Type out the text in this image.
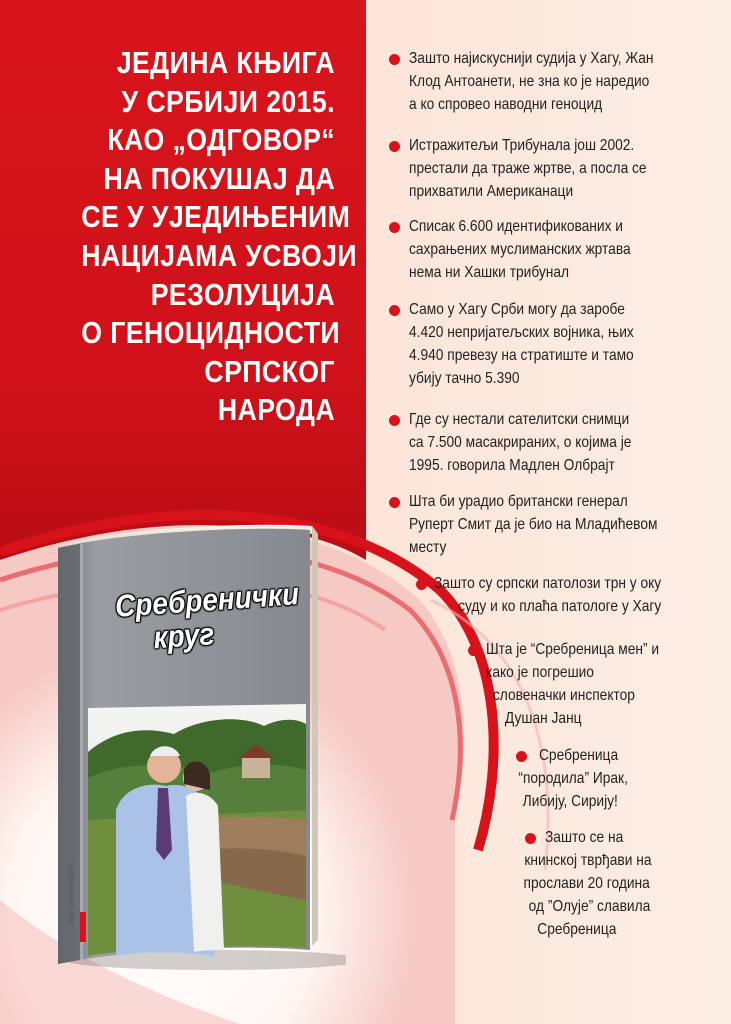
ЈЕДИНА КЊИГА
У СРБИЈИ 2015.
КАО „ОДГОВОР“
НА ПОКУШАЈ ДА
СЕ У УЈЕДИЊЕНИМ
НАЦИЈАМА УСВОЈИ
РЕЗОЛУЦИЈА
О ГЕНОЦИДНОСТИ
СРПСКОГ
НАРОДА
Зашто најискуснији судија у Хагу, Жан
Клод Антоанети, не зна ко је наредио
а ко спровео наводни геноцид
Истражитељи Трибунала још 2002.
престали да траже жртве, а посла се
прихватили Американаци
Списак 6.600 идентификованих и
сахрањених муслиманских жртава
нема ни Хашки трибунал
Само у Хагу Срби могу да заробе
4.420 непријатељских војника, њих
4.940 превезу на стратиште и тамо
убију тачно 5.390
Где су нестали сателитски снимци
са 7.500 масакрираних, о којима је
1995. говорила Мадлен Олбрајт
Шта би урадио британски генерал
Руперт Смит да је био на Младићевом
месту
Зашто су српски патолози трн у оку
суду и ко плаћа патологе у Хагу
Шта је “Сребреница мен” и
како је погрешио
словеначки инспектор
Душан Јанц
Сребреница
“породила” Ирак,
Либију, Сирију!
Зашто се на
книнској тврђави на
прослави 20 година
од ”Олује” славила
Сребреница
Сребренички
круг
Сребренички круг
